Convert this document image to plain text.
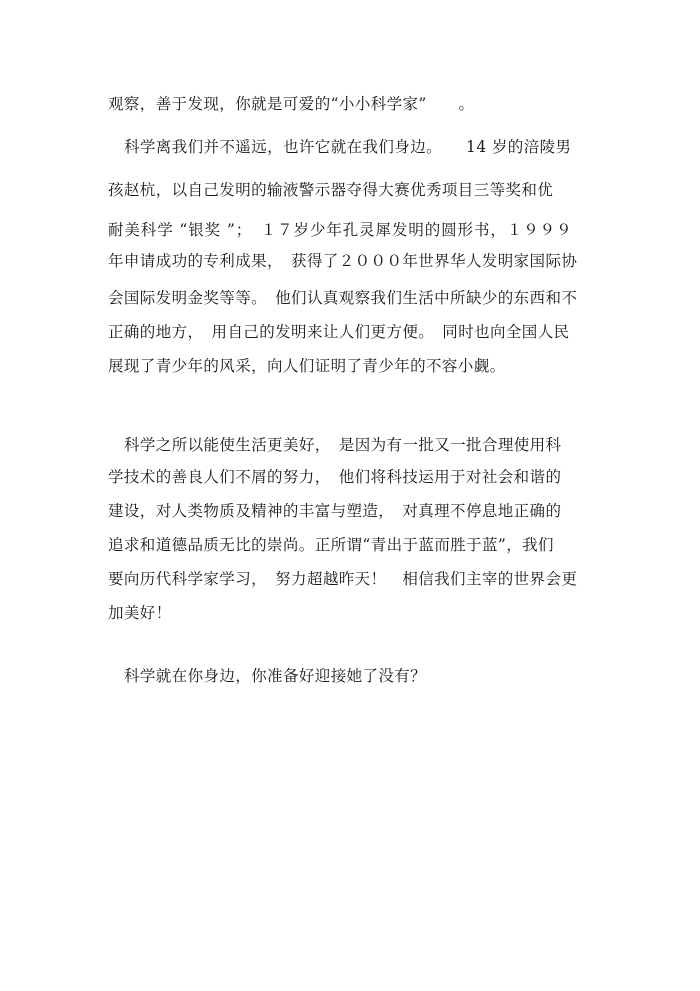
观察，善于发现，你就是可爱的“小小科学家”　　。
科学离我们并不遥远，也许它就在我们身边。　　14 岁的涪陵男
孩赵杭，以自己发明的输液警示器夺得大赛优秀项目三等奖和优
耐美科学 “银奖 ”；　１７岁少年孔灵犀发明的圆形书，１９９９
年申请成功的专利成果，　获得了２０００年世界华人发明家国际协
会国际发明金奖等等。　他们认真观察我们生活中所缺少的东西和不
正确的地方，　用自己的发明来让人们更方便。　同时也向全国人民
展现了青少年的风采，向人们证明了青少年的不容小觑。
科学之所以能使生活更美好，　是因为有一批又一批合理使用科
学技术的善良人们不屑的努力，　他们将科技运用于对社会和谐的
建设，对人类物质及精神的丰富与塑造，　对真理不停息地正确的
追求和道德品质无比的崇尚。正所谓“青出于蓝而胜于蓝”，我们
要向历代科学家学习，　努力超越昨天！　相信我们主宰的世界会更
加美好！
科学就在你身边，你准备好迎接她了没有？
